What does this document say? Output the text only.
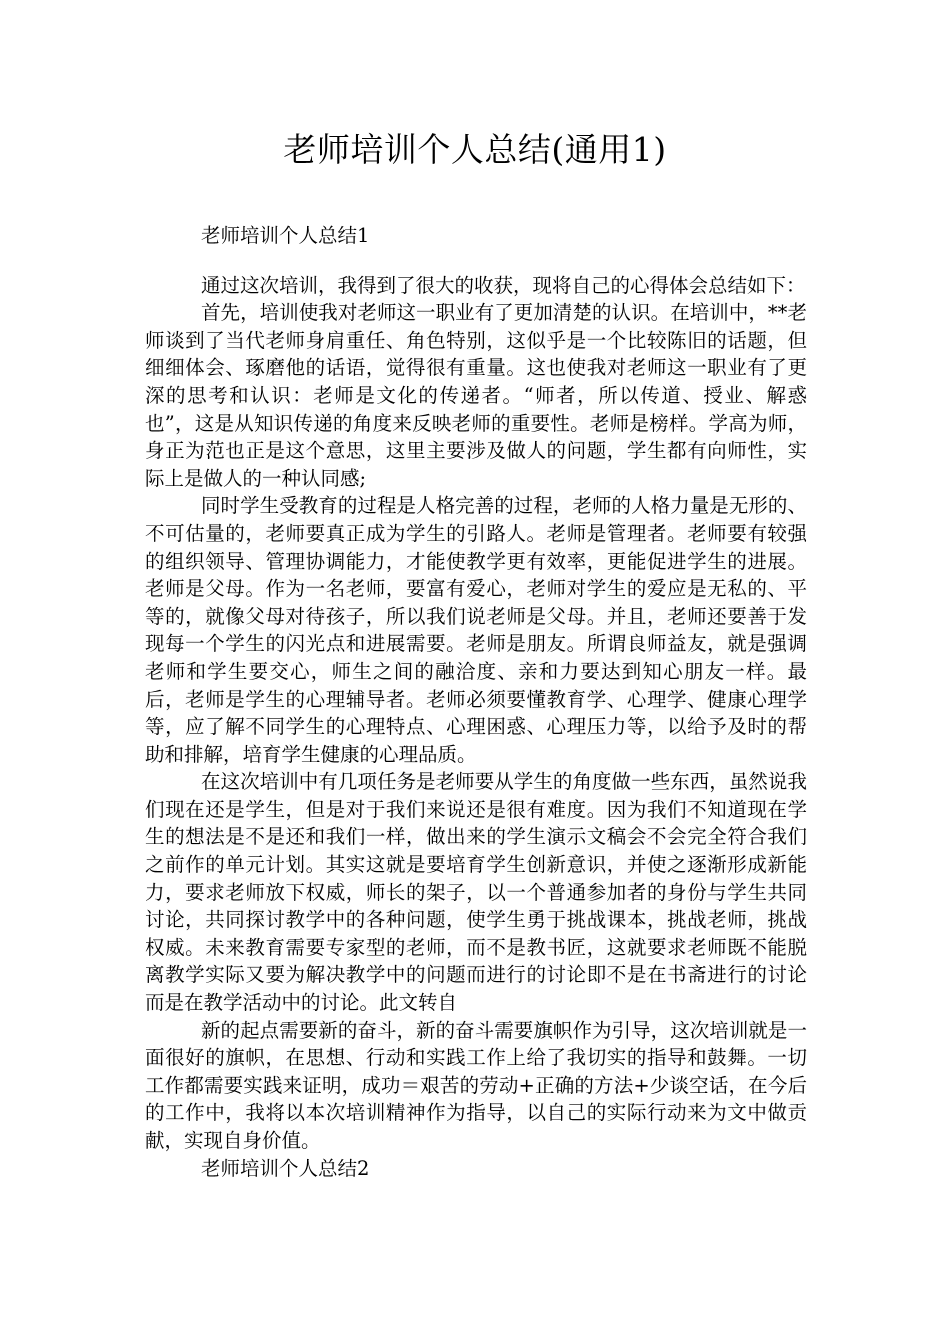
老师培训个人总结(通用1)
老师培训个人总结1

通过这次培训，我得到了很大的收获，现将自己的心得体会总结如下：

首先，培训使我对老师这一职业有了更加清楚的认识。在培训中，**老师谈到了当代老师身肩重任、角色特别，这似乎是一个比较陈旧的话题，但细细体会、琢磨他的话语，觉得很有重量。这也使我对老师这一职业有了更深的思考和认识：老师是文化的传递者。“师者，所以传道、授业、解惑也”，这是从知识传递的角度来反映老师的重要性。老师是榜样。学高为师，身正为范也正是这个意思，这里主要涉及做人的问题，学生都有向师性，实际上是做人的一种认同感;

同时学生受教育的过程是人格完善的过程，老师的人格力量是无形的、不可估量的，老师要真正成为学生的引路人。老师是管理者。老师要有较强的组织领导、管理协调能力，才能使教学更有效率，更能促进学生的进展。老师是父母。作为一名老师，要富有爱心，老师对学生的爱应是无私的、平等的，就像父母对待孩子，所以我们说老师是父母。并且，老师还要善于发现每一个学生的闪光点和进展需要。老师是朋友。所谓良师益友，就是强调老师和学生要交心，师生之间的融洽度、亲和力要达到知心朋友一样。最后，老师是学生的心理辅导者。老师必须要懂教育学、心理学、健康心理学等，应了解不同学生的心理特点、心理困惑、心理压力等，以给予及时的帮助和排解，培育学生健康的心理品质。

在这次培训中有几项任务是老师要从学生的角度做一些东西，虽然说我们现在还是学生，但是对于我们来说还是很有难度。因为我们不知道现在学生的想法是不是还和我们一样，做出来的学生演示文稿会不会完全符合我们之前作的单元计划。其实这就是要培育学生创新意识，并使之逐渐形成新能力，要求老师放下权威，师长的架子，以一个普通参加者的身份与学生共同讨论，共同探讨教学中的各种问题，使学生勇于挑战课本，挑战老师，挑战权威。未来教育需要专家型的老师，而不是教书匠，这就要求老师既不能脱离教学实际又要为解决教学中的问题而进行的讨论即不是在书斋进行的讨论而是在教学活动中的讨论。此文转自

新的起点需要新的奋斗，新的奋斗需要旗帜作为引导，这次培训就是一面很好的旗帜，在思想、行动和实践工作上给了我切实的指导和鼓舞。一切工作都需要实践来证明，成功＝艰苦的劳动+正确的方法+少谈空话，在今后的工作中，我将以本次培训精神作为指导，以自己的实际行动来为文中做贡献，实现自身价值。

老师培训个人总结2
